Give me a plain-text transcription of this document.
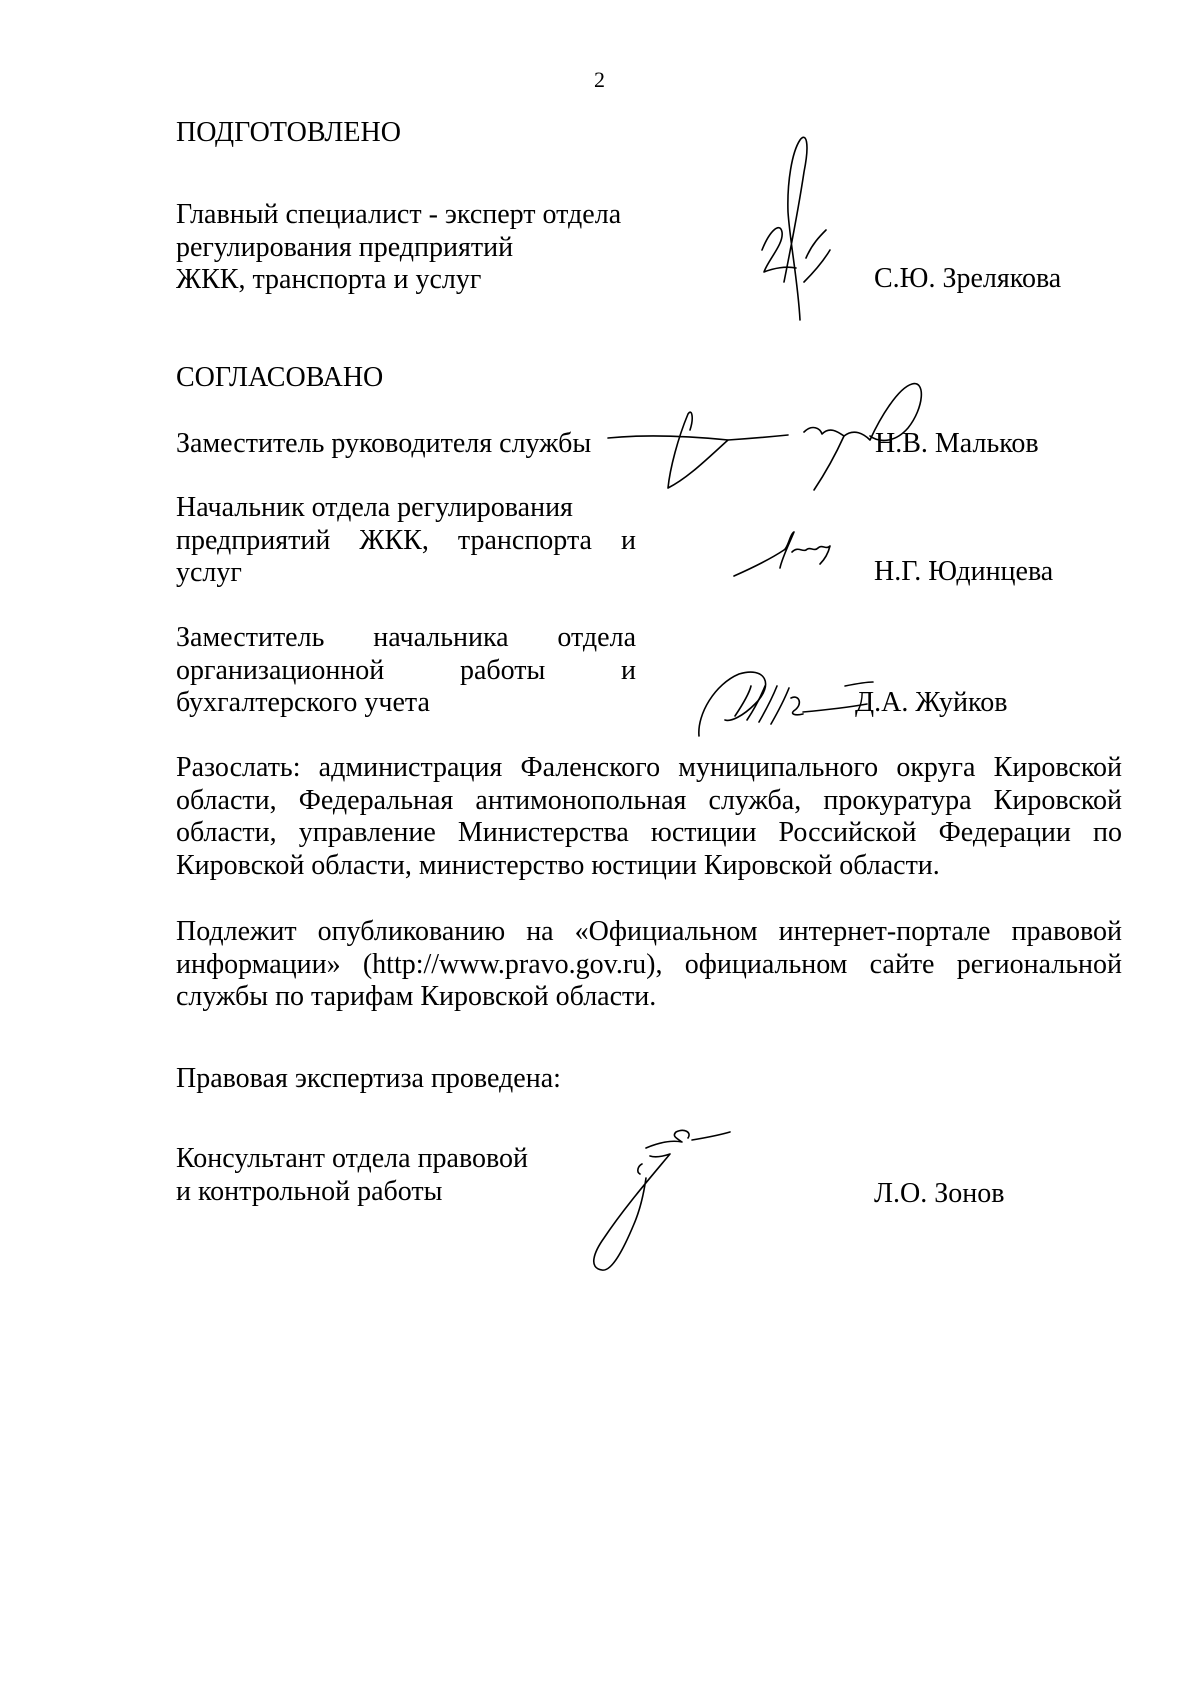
2
ПОДГОТОВЛЕНО
Главный специалист - эксперт отдела
регулирования предприятий
ЖКК, транспорта и услуг	С.Ю. Зрелякова
СОГЛАСОВАНО
Заместитель руководителя службы	Н.В. Мальков
Начальник отдела регулирования
предприятий ЖКК, транспорта и
услуг	Н.Г. Юдинцева
Заместитель начальника отдела
организационной работы и
бухгалтерского учета	Д.А. Жуйков
Разослать: администрация Фаленского муниципального округа Кировской
области, Федеральная антимонопольная служба, прокуратура Кировской
области, управление Министерства юстиции Российской Федерации по
Кировской области, министерство юстиции Кировской области.
Подлежит опубликованию на «Официальном интернет-портале правовой
информации» (http://www.pravo.gov.ru), официальном сайте региональной
службы по тарифам Кировской области.
Правовая экспертиза проведена:
Консультант отдела правовой
и контрольной работы	Л.О. Зонов
